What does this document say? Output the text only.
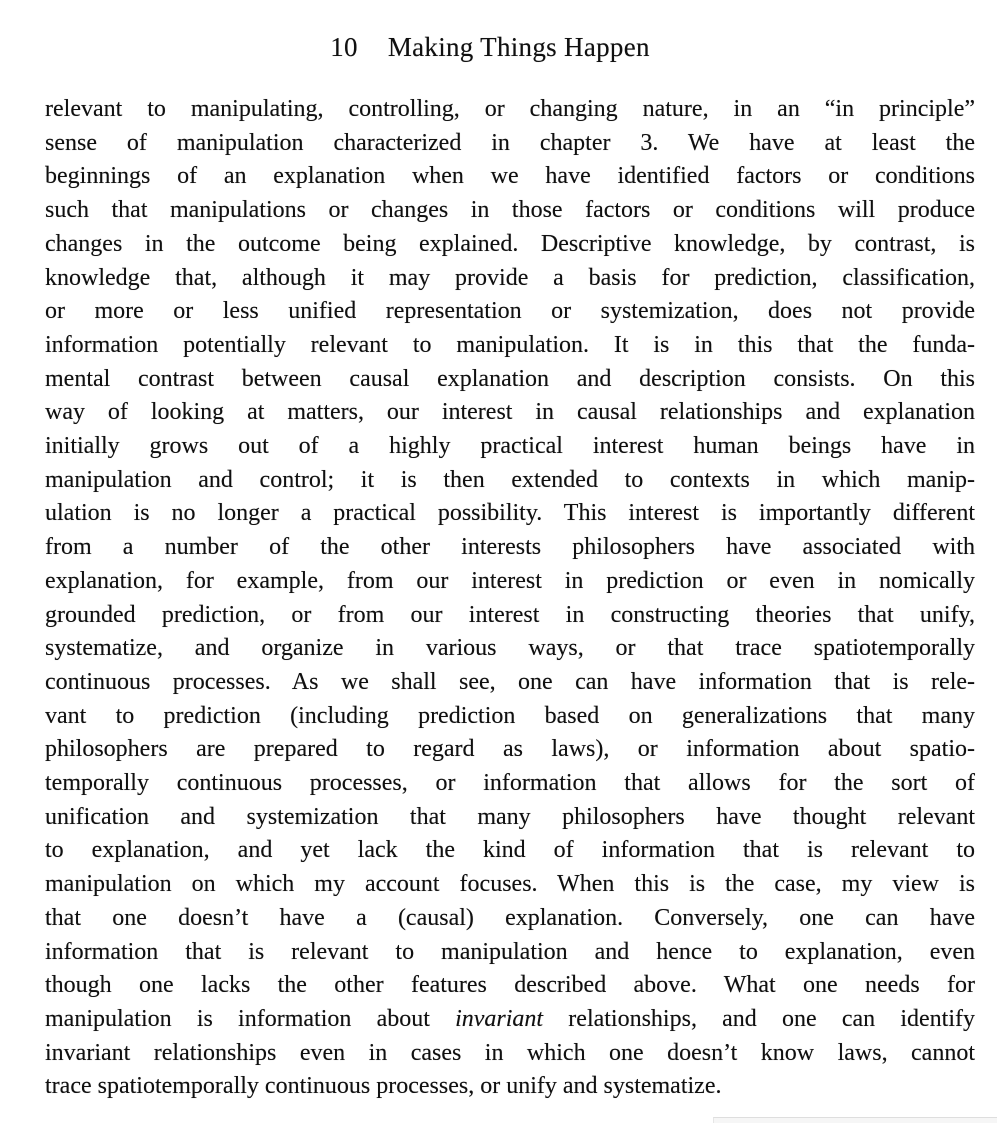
10 Making Things Happen
relevant to manipulating, controlling, or changing nature, in an “in principle”
sense of manipulation characterized in chapter 3. We have at least the
beginnings of an explanation when we have identified factors or conditions
such that manipulations or changes in those factors or conditions will produce
changes in the outcome being explained. Descriptive knowledge, by contrast, is
knowledge that, although it may provide a basis for prediction, classification,
or more or less unified representation or systemization, does not provide
information potentially relevant to manipulation. It is in this that the funda-
mental contrast between causal explanation and description consists. On this
way of looking at matters, our interest in causal relationships and explanation
initially grows out of a highly practical interest human beings have in
manipulation and control; it is then extended to contexts in which manip-
ulation is no longer a practical possibility. This interest is importantly different
from a number of the other interests philosophers have associated with
explanation, for example, from our interest in prediction or even in nomically
grounded prediction, or from our interest in constructing theories that unify,
systematize, and organize in various ways, or that trace spatiotemporally
continuous processes. As we shall see, one can have information that is rele-
vant to prediction (including prediction based on generalizations that many
philosophers are prepared to regard as laws), or information about spatio-
temporally continuous processes, or information that allows for the sort of
unification and systemization that many philosophers have thought relevant
to explanation, and yet lack the kind of information that is relevant to
manipulation on which my account focuses. When this is the case, my view is
that one doesn’t have a (causal) explanation. Conversely, one can have
information that is relevant to manipulation and hence to explanation, even
though one lacks the other features described above. What one needs for
manipulation is information about invariant relationships, and one can identify
invariant relationships even in cases in which one doesn’t know laws, cannot
trace spatiotemporally continuous processes, or unify and systematize.
